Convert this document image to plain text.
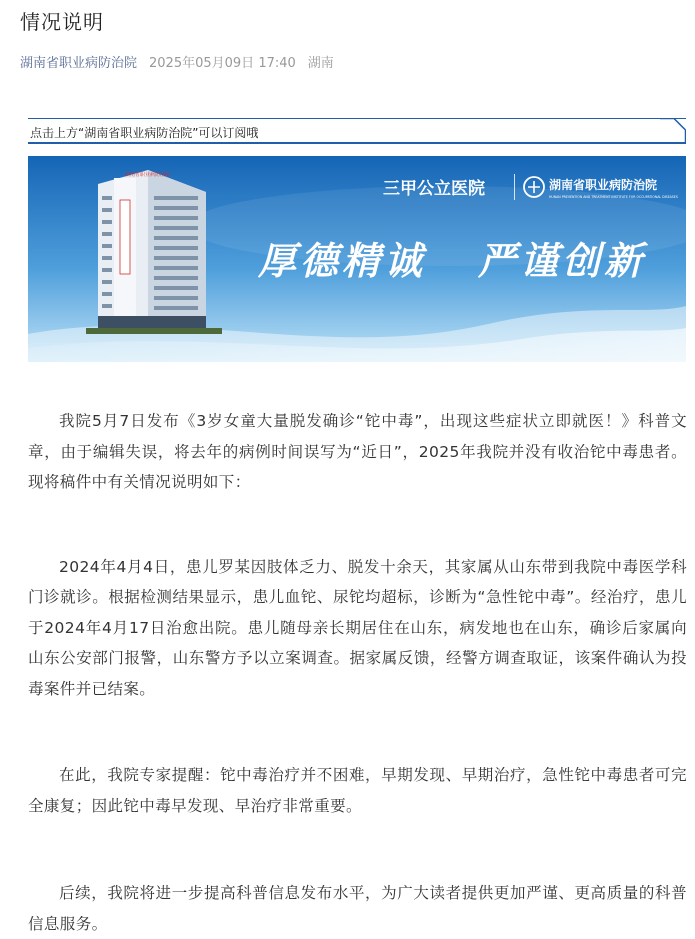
情况说明
湖南省职业病防治院 2025年05月09日 17:40 湖南
点击上方“湖南省职业病防治院”可以订阅哦
湖南省职业病防治院
三甲公立医院	湖南省职业病防治院
HUNAN PREVENTION AND TREATMENT INSTITUTE FOR OCCUPATIONAL DISEASES
厚德精诚 严谨创新

我院5月7日发布《3岁女童大量脱发确诊“铊中毒”，出现这些症状立即就医！》科普文章，由于编辑失误，将去年的病例时间误写为“近日”，2025年我院并没有收治铊中毒患者。现将稿件中有关情况说明如下：

2024年4月4日，患儿罗某因肢体乏力、脱发十余天，其家属从山东带到我院中毒医学科门诊就诊。根据检测结果显示，患儿血铊、尿铊均超标，诊断为“急性铊中毒”。经治疗，患儿于2024年4月17日治愈出院。患儿随母亲长期居住在山东，病发地也在山东，确诊后家属向山东公安部门报警，山东警方予以立案调查。据家属反馈，经警方调查取证，该案件确认为投毒案件并已结案。

在此，我院专家提醒：铊中毒治疗并不困难，早期发现、早期治疗，急性铊中毒患者可完全康复；因此铊中毒早发现、早治疗非常重要。

后续，我院将进一步提高科普信息发布水平，为广大读者提供更加严谨、更高质量的科普信息服务。
